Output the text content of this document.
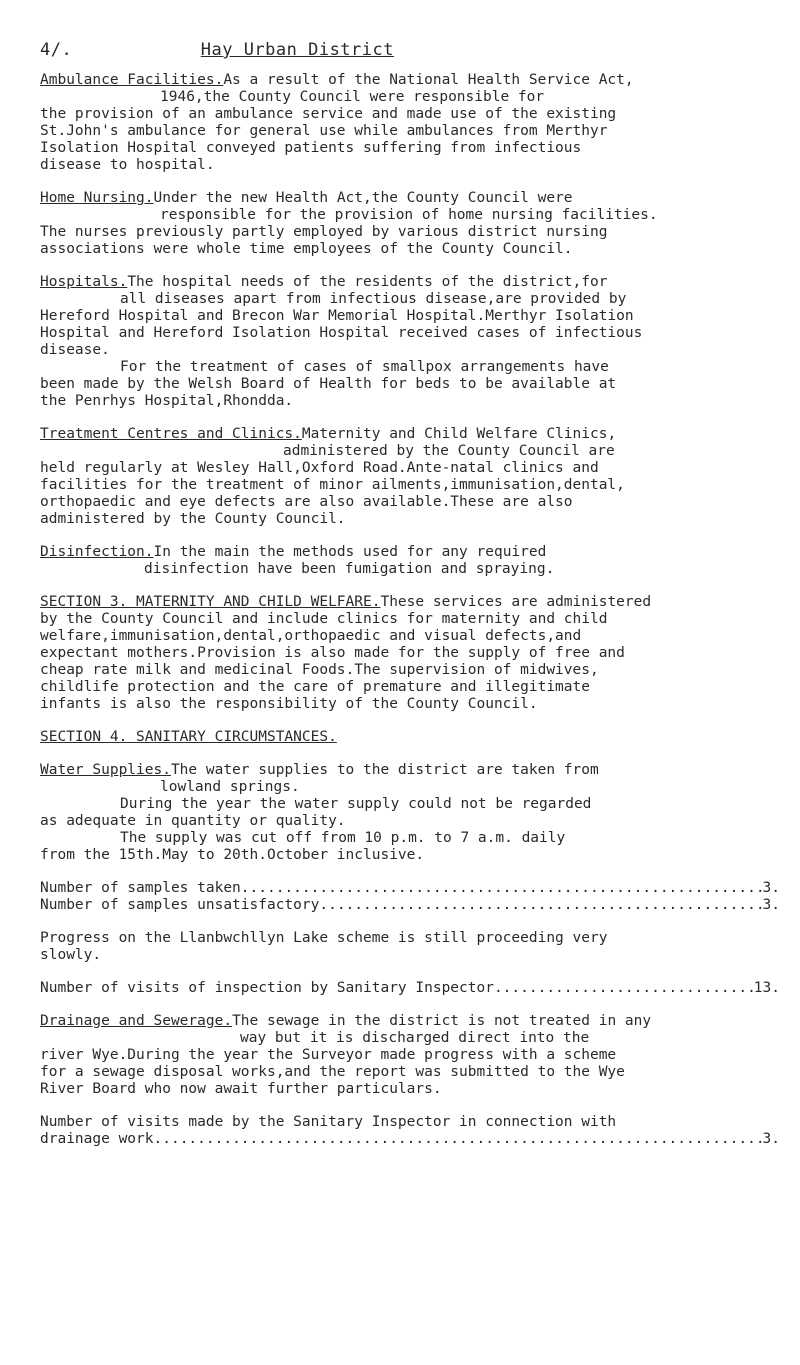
4/.	Hay Urban District
Ambulance Facilities.As a result of the National Health Service Act,
1946,the County Council were responsible for
the provision of an ambulance service and made use of the existing
St.John's ambulance for general use while ambulances from Merthyr
Isolation Hospital conveyed patients suffering from infectious
disease to hospital.
Home Nursing.Under the new Health Act,the County Council were
responsible for the provision of home nursing facilities.
The nurses previously partly employed by various district nursing
associations were whole time employees of the County Council.
Hospitals.The hospital needs of the residents of the district,for
all diseases apart from infectious disease,are provided by
Hereford Hospital and Brecon War Memorial Hospital.Merthyr Isolation
Hospital and Hereford Isolation Hospital received cases of infectious
disease.
For the treatment of cases of smallpox arrangements have
been made by the Welsh Board of Health for beds to be available at
the Penrhys Hospital,Rhondda.
Treatment Centres and Clinics.Maternity and Child Welfare Clinics,
administered by the County Council are
held regularly at Wesley Hall,Oxford Road.Ante-natal clinics and
facilities for the treatment of minor ailments,immunisation,dental,
orthopaedic and eye defects are also available.These are also
administered by the County Council.
Disinfection.In the main the methods used for any required
disinfection have been fumigation and spraying.
SECTION 3. MATERNITY AND CHILD WELFARE.These services are administered
by the County Council and include clinics for maternity and child
welfare,immunisation,dental,orthopaedic and visual defects,and
expectant mothers.Provision is also made for the supply of free and
cheap rate milk and medicinal Foods.The supervision of midwives,
childlife protection and the care of premature and illegitimate
infants is also the responsibility of the County Council.
SECTION 4. SANITARY CIRCUMSTANCES.
Water Supplies.The water supplies to the district are taken from
lowland springs.
During the year the water supply could not be regarded
as adequate in quantity or quality.
The supply was cut off from 10 p.m. to 7 a.m. daily
from the 15th.May to 20th.October inclusive.
Number of samples taken .....	3.
Number of samples unsatisfactory .....	3.
Progress on the Llanbwchllyn Lake scheme is still proceeding very
slowly.
Number of visits of inspection by Sanitary Inspector .....	13.
Drainage and Sewerage.The sewage in the district is not treated in any
way but it is discharged direct into the
river Wye.During the year the Surveyor made progress with a scheme
for a sewage disposal works,and the report was submitted to the Wye
River Board who now await further particulars.
Number of visits made by the Sanitary Inspector in connection with
drainage work .....	3.
